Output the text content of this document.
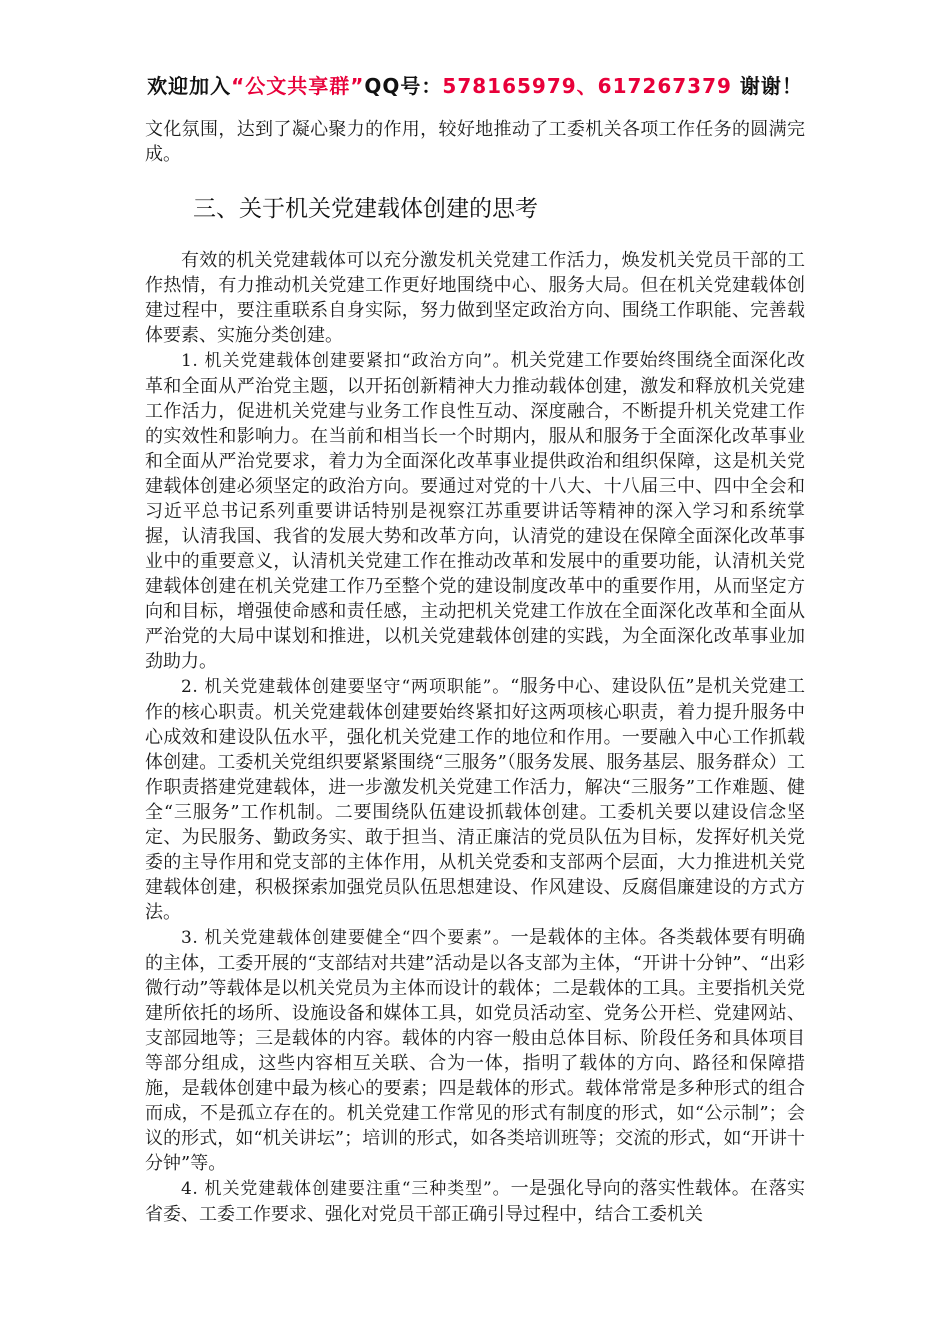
欢迎加入“公文共享群”QQ号：578165979、617267379 谢谢！

文化氛围，达到了凝心聚力的作用，较好地推动了工委机关各项工作任务的圆满完成。

三、关于机关党建载体创建的思考

有效的机关党建载体可以充分激发机关党建工作活力，焕发机关党员干部的工作热情，有力推动机关党建工作更好地围绕中心、服务大局。但在机关党建载体创建过程中，要注重联系自身实际，努力做到坚定政治方向、围绕工作职能、完善载体要素、实施分类创建。

1. 机关党建载体创建要紧扣“政治方向”。机关党建工作要始终围绕全面深化改革和全面从严治党主题，以开拓创新精神大力推动载体创建，激发和释放机关党建工作活力，促进机关党建与业务工作良性互动、深度融合，不断提升机关党建工作的实效性和影响力。在当前和相当长一个时期内，服从和服务于全面深化改革事业和全面从严治党要求，着力为全面深化改革事业提供政治和组织保障，这是机关党建载体创建必须坚定的政治方向。要通过对党的十八大、十八届三中、四中全会和习近平总书记系列重要讲话特别是视察江苏重要讲话等精神的深入学习和系统掌握，认清我国、我省的发展大势和改革方向，认清党的建设在保障全面深化改革事业中的重要意义，认清机关党建工作在推动改革和发展中的重要功能，认清机关党建载体创建在机关党建工作乃至整个党的建设制度改革中的重要作用，从而坚定方向和目标，增强使命感和责任感，主动把机关党建工作放在全面深化改革和全面从严治党的大局中谋划和推进，以机关党建载体创建的实践，为全面深化改革事业加劲助力。

2. 机关党建载体创建要坚守“两项职能”。“服务中心、建设队伍”是机关党建工作的核心职责。机关党建载体创建要始终紧扣好这两项核心职责，着力提升服务中心成效和建设队伍水平，强化机关党建工作的地位和作用。一要融入中心工作抓载体创建。工委机关党组织要紧紧围绕“三服务”（服务发展、服务基层、服务群众）工作职责搭建党建载体，进一步激发机关党建工作活力，解决“三服务”工作难题、健全“三服务”工作机制。二要围绕队伍建设抓载体创建。工委机关要以建设信念坚定、为民服务、勤政务实、敢于担当、清正廉洁的党员队伍为目标，发挥好机关党委的主导作用和党支部的主体作用，从机关党委和支部两个层面，大力推进机关党建载体创建，积极探索加强党员队伍思想建设、作风建设、反腐倡廉建设的方式方法。

3. 机关党建载体创建要健全“四个要素”。一是载体的主体。各类载体要有明确的主体，工委开展的“支部结对共建”活动是以各支部为主体，“开讲十分钟”、“出彩微行动”等载体是以机关党员为主体而设计的载体；二是载体的工具。主要指机关党建所依托的场所、设施设备和媒体工具，如党员活动室、党务公开栏、党建网站、支部园地等；三是载体的内容。载体的内容一般由总体目标、阶段任务和具体项目等部分组成，这些内容相互关联、合为一体，指明了载体的方向、路径和保障措施，是载体创建中最为核心的要素；四是载体的形式。载体常常是多种形式的组合而成，不是孤立存在的。机关党建工作常见的形式有制度的形式，如“公示制”；会议的形式，如“机关讲坛”；培训的形式，如各类培训班等；交流的形式，如“开讲十分钟”等。

4. 机关党建载体创建要注重“三种类型”。一是强化导向的落实性载体。在落实省委、工委工作要求、强化对党员干部正确引导过程中，结合工委机关
